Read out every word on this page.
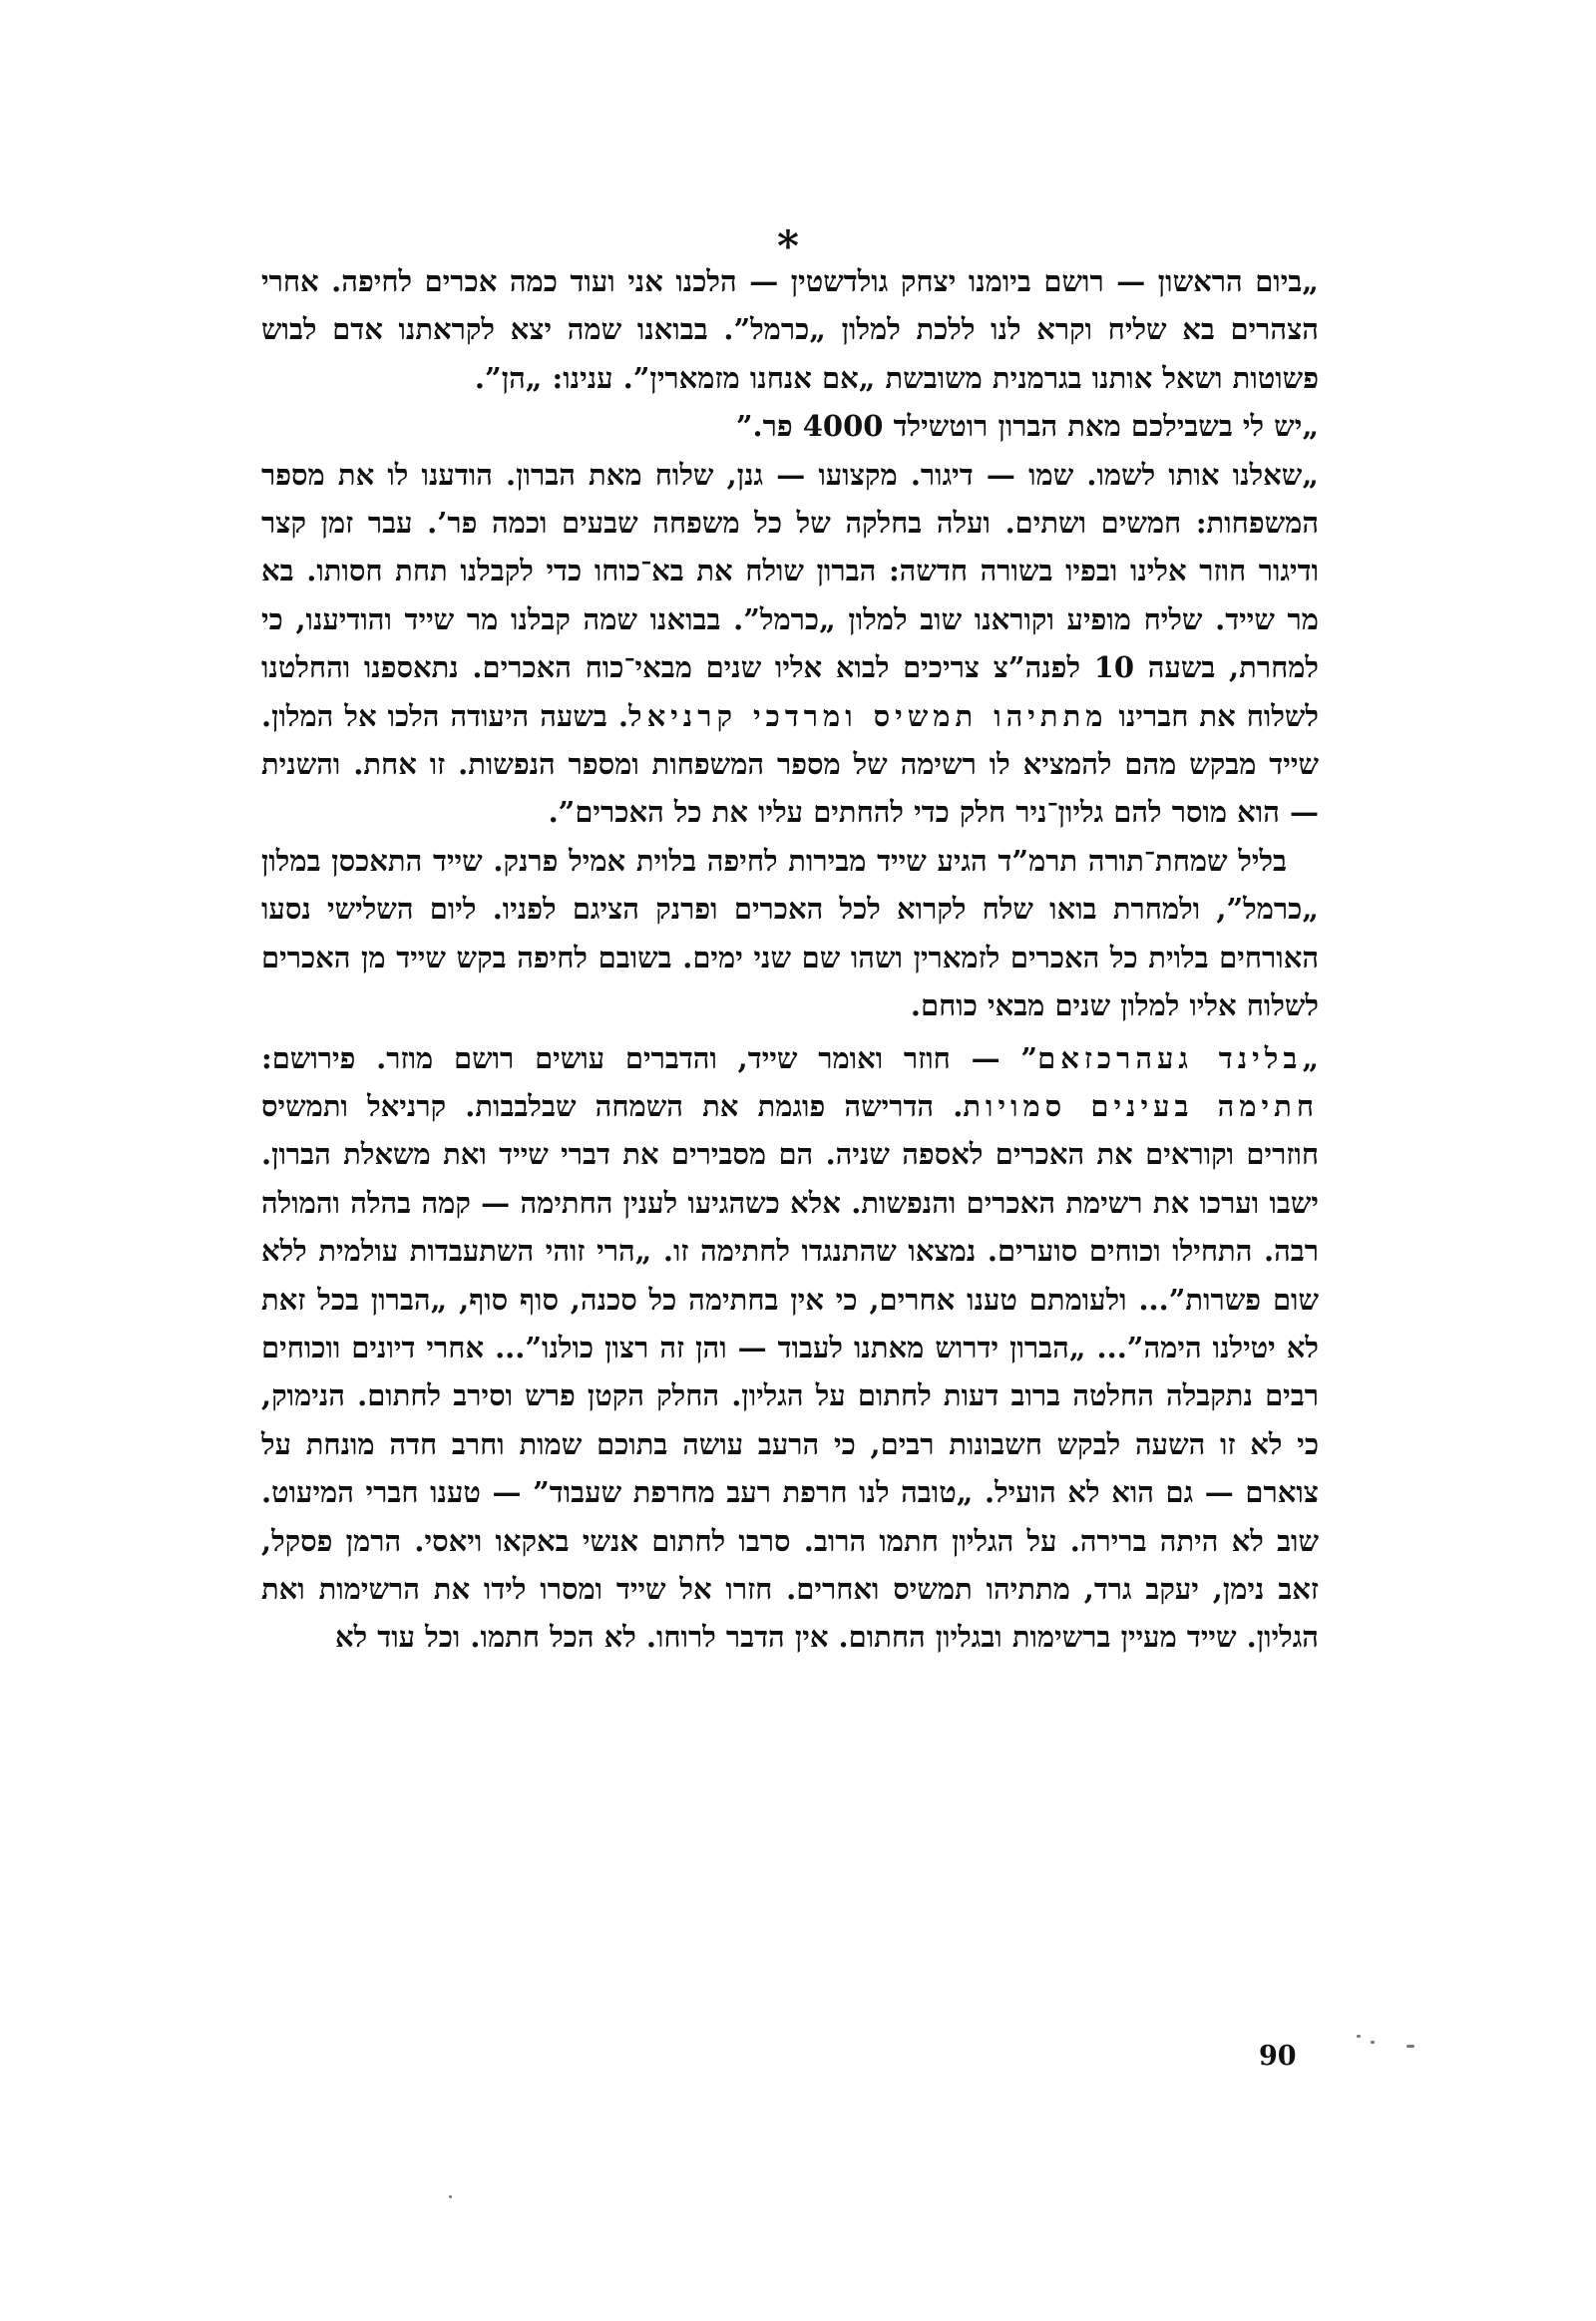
*

„ביום הראשון — רושם ביומנו יצחק גולדשטין — הלכנו אני ועוד כמה אכרים לחיפה. אחרי הצהרים בא שליח וקרא לנו ללכת למלון „כרמל”. בבואנו שמה יצא לקראתנו אדם לבוש פשוטות ושאל אותנו בגרמנית משובשת „אם אנחנו מזמארין”. ענינו: „הן”.

„יש לי בשבילכם מאת הברון רוטשילד 4000 פר.”

„שאלנו אותו לשמו. שמו — דיגור. מקצועו — גנן, שלוח מאת הברון. הודענו לו את מספר המשפחות: חמשים ושתים. ועלה בחלקה של כל משפחה שבעים וכמה פר’. עבר זמן קצר ודיגור חוזר אלינו ובפיו בשורה חדשה: הברון שולח את בא־כוחו כדי לקבלנו תחת חסותו. בא מר שייד. שליח מופיע וקוראנו שוב למלון „כרמל”. בבואנו שמה קבלנו מר שייד והודיענו, כי למחרת, בשעה 10 לפנה”צ צריכים לבוא אליו שנים מבאי־כוח האכרים. נתאספנו והחלטנו לשלוח את חברינו מתתיהו תמשיס ומרדכי קרניאל. בשעה היעודה הלכו אל המלון. שייד מבקש מהם להמציא לו רשימה של מספר המשפחות ומספר הנפשות. זו אחת. והשנית — הוא מוסר להם גליון־ניר חלק כדי להחתים עליו את כל האכרים”.

בליל שמחת־תורה תרמ”ד הגיע שייד מבירות לחיפה בלוית אמיל פרנק. שייד התאכסן במלון „כרמל”, ולמחרת בואו שלח לקרוא לכל האכרים ופרנק הציגם לפניו. ליום השלישי נסעו האורחים בלוית כל האכרים לזמארין ושהו שם שני ימים. בשובם לחיפה בקש שייד מן האכרים לשלוח אליו למלון שנים מבאי כוחם.

„בלינד געהרכזאם” — חוזר ואומר שייד, והדברים עושים רושם מוזר. פירושם: חתימה בעינים סמויות. הדרישה פוגמת את השמחה שבלבבות. קרניאל ותמשיס חוזרים וקוראים את האכרים לאספה שניה. הם מסבירים את דברי שייד ואת משאלת הברון. ישבו וערכו את רשימת האכרים והנפשות. אלא כשהגיעו לענין החתימה — קמה בהלה והמולה רבה. התחילו וכוחים סוערים. נמצאו שהתנגדו לחתימה זו. „הרי זוהי השתעבדות עולמית ללא שום פשרות”... ולעומתם טענו אחרים, כי אין בחתימה כל סכנה, סוף סוף, „הברון בכל זאת לא יטילנו הימה”... „הברון ידרוש מאתנו לעבוד — והן זה רצון כולנו”... אחרי דיונים ווכוחים רבים נתקבלה החלטה ברוב דעות לחתום על הגליון. החלק הקטן פרש וסירב לחתום. הנימוק, כי לא זו השעה לבקש חשבונות רבים, כי הרעב עושה בתוכם שמות וחרב חדה מונחת על צוארם — גם הוא לא הועיל. „טובה לנו חרפת רעב מחרפת שעבוד” — טענו חברי המיעוט. שוב לא היתה ברירה. על הגליון חתמו הרוב. סרבו לחתום אנשי באקאו ויאסי. הרמן פסקל, זאב נימן, יעקב גרד, מתתיהו תמשיס ואחרים. חזרו אל שייד ומסרו לידו את הרשימות ואת הגליון. שייד מעיין ברשימות ובגליון החתום. אין הדבר לרוחו. לא הכל חתמו. וכל עוד לא

90
